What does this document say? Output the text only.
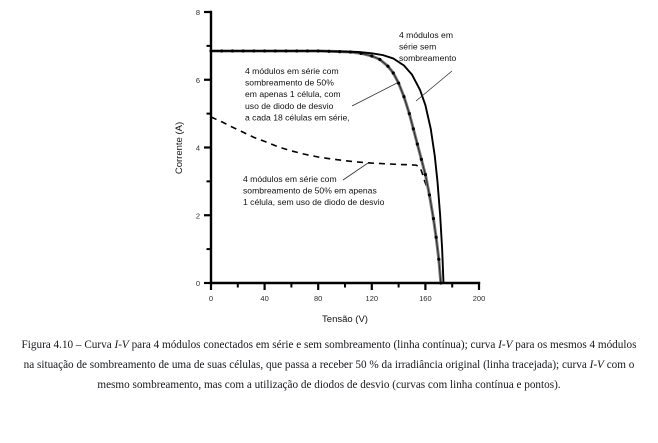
0
2
4
6
8
0	40	80	120	160	200
Corrente (A)
Tensão (V)
4 módulos em série com
sombreamento de 50%
em apenas 1 célula, com
uso de diodo de desvio
a cada 18 células em série,
4 módulos em
série sem
sombreamento
4 módulos em série com
sombreamento de 50% em apenas
1 célula, sem uso de diodo de desvio
Figura 4.10 – Curva I-V para 4 módulos conectados em série e sem sombreamento (linha contínua); curva I-V para os mesmos 4 módulos na situação de sombreamento de uma de suas células, que passa a receber 50 % da irradiância original (linha tracejada); curva I-V com o mesmo sombreamento, mas com a utilização de diodos de desvio (curvas com linha contínua e pontos).
